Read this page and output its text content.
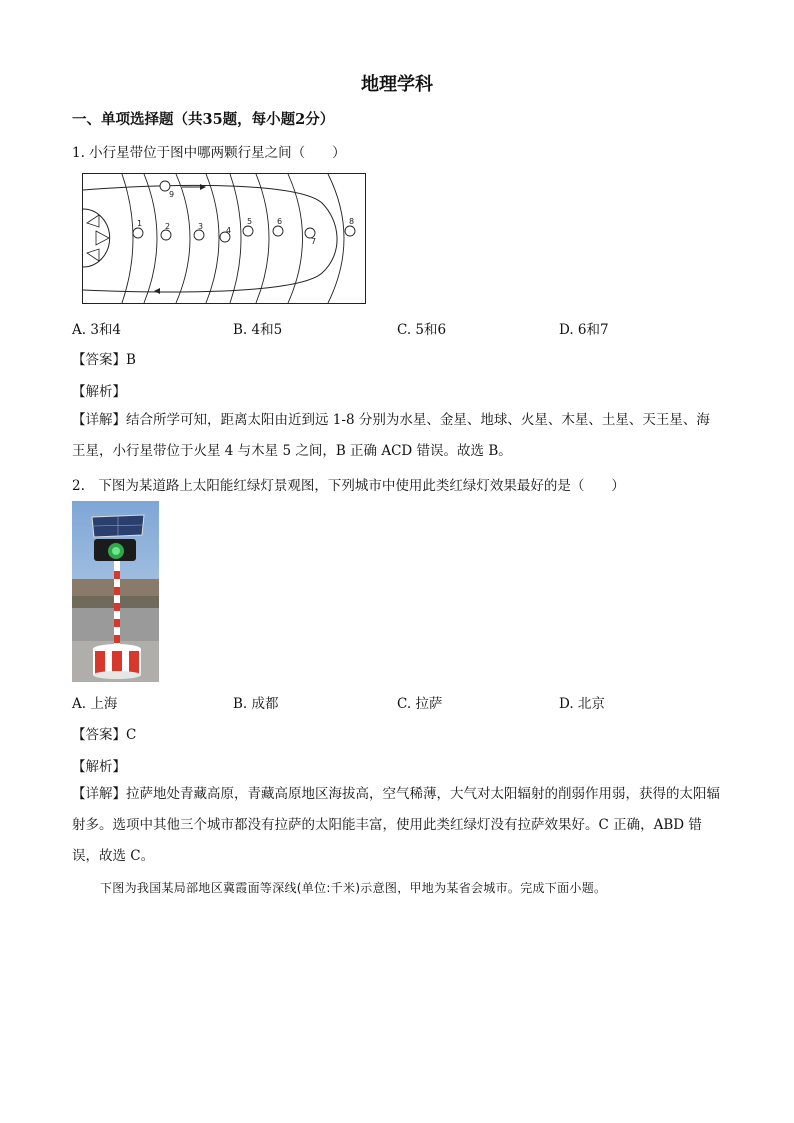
地理学科
一、单项选择题（共35题，每小题2分）
1. 小行星带位于图中哪两颗行星之间（　　）
1	2	3	4
5	6
7
8
9
A. 3和4	B. 4和5	C. 5和6	D. 6和7
【答案】B
【解析】
【详解】结合所学可知，距离太阳由近到远 1-8 分别为水星、金星、地球、火星、木星、土星、天王星、海王星，小行星带位于火星 4 与木星 5 之间，B 正确 ACD 错误。故选 B。
2.　下图为某道路上太阳能红绿灯景观图，下列城市中使用此类红绿灯效果最好的是（　　）
A. 上海	B. 成都	C. 拉萨	D. 北京
【答案】C
【解析】
【详解】拉萨地处青藏高原，青藏高原地区海拔高，空气稀薄，大气对太阳辐射的削弱作用弱，获得的太阳辐射多。选项中其他三个城市都没有拉萨的太阳能丰富，使用此类红绿灯没有拉萨效果好。C 正确，ABD 错误，故选 C。
下图为我国某局部地区冀霞面等深线(单位:千米)示意图，甲地为某省会城市。完成下面小题。
